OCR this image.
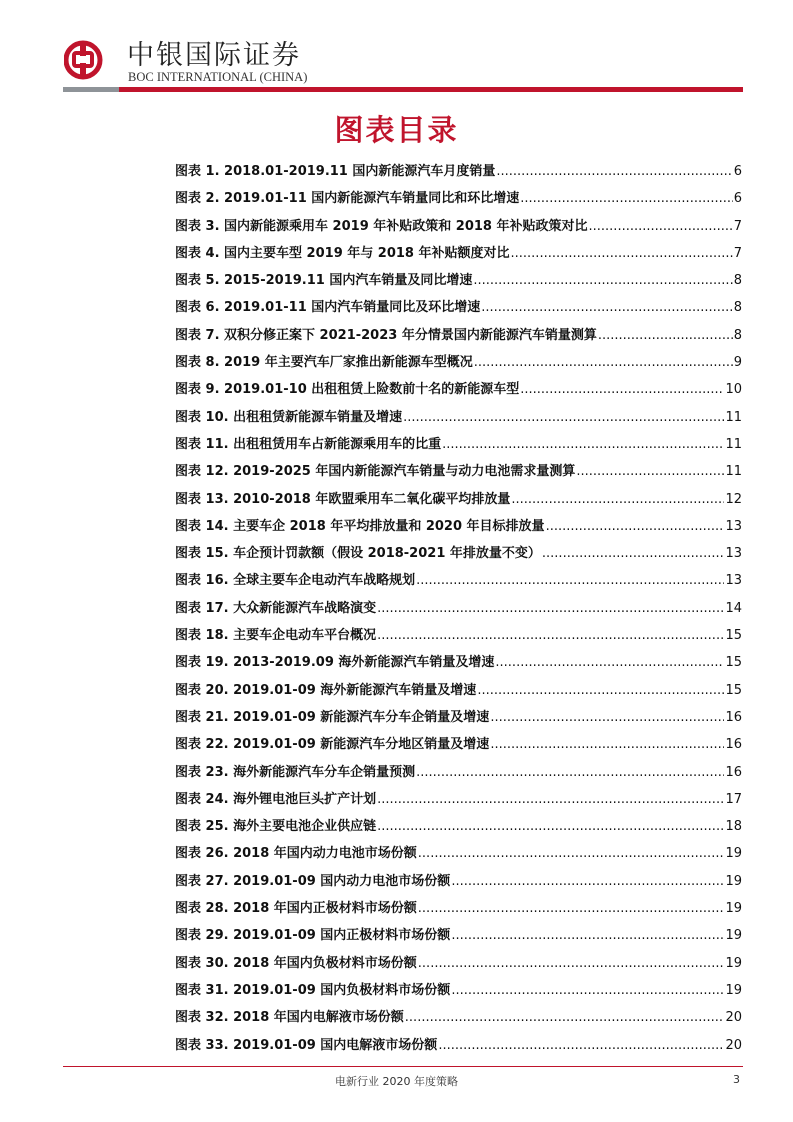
中银国际证券
BOC INTERNATIONAL (CHINA)
图表目录
图表 1. 2018.01-2019.11 国内新能源汽车月度销量 .....	6
图表 2. 2019.01-11 国内新能源汽车销量同比和环比增速 .....	6
图表 3. 国内新能源乘用车 2019 年补贴政策和 2018 年补贴政策对比 .....	7
图表 4. 国内主要车型 2019 年与 2018 年补贴额度对比 .....	7
图表 5. 2015-2019.11 国内汽车销量及同比增速 .....	8
图表 6. 2019.01-11 国内汽车销量同比及环比增速 .....	8
图表 7. 双积分修正案下 2021-2023 年分情景国内新能源汽车销量测算 .....	8
图表 8. 2019 年主要汽车厂家推出新能源车型概况 .....	9
图表 9. 2019.01-10 出租租赁上险数前十名的新能源车型 .....	10
图表 10. 出租租赁新能源车销量及增速 .....	11
图表 11. 出租租赁用车占新能源乘用车的比重 .....	11
图表 12. 2019-2025 年国内新能源汽车销量与动力电池需求量测算 .....	11
图表 13. 2010-2018 年欧盟乘用车二氧化碳平均排放量 .....	12
图表 14. 主要车企 2018 年平均排放量和 2020 年目标排放量 .....	13
图表 15. 车企预计罚款额（假设 2018-2021 年排放量不变） .....	13
图表 16. 全球主要车企电动汽车战略规划 .....	13
图表 17. 大众新能源汽车战略演变 .....	14
图表 18. 主要车企电动车平台概况 .....	15
图表 19. 2013-2019.09 海外新能源汽车销量及增速 .....	15
图表 20. 2019.01-09 海外新能源汽车销量及增速 .....	15
图表 21. 2019.01-09 新能源汽车分车企销量及增速 .....	16
图表 22. 2019.01-09 新能源汽车分地区销量及增速 .....	16
图表 23. 海外新能源汽车分车企销量预测 .....	16
图表 24. 海外锂电池巨头扩产计划 .....	17
图表 25. 海外主要电池企业供应链 .....	18
图表 26. 2018 年国内动力电池市场份额 .....	19
图表 27. 2019.01-09 国内动力电池市场份额 .....	19
图表 28. 2018 年国内正极材料市场份额 .....	19
图表 29. 2019.01-09 国内正极材料市场份额 .....	19
图表 30. 2018 年国内负极材料市场份额 .....	19
图表 31. 2019.01-09 国内负极材料市场份额 .....	19
图表 32. 2018 年国内电解液市场份额 .....	20
图表 33. 2019.01-09 国内电解液市场份额 .....	20
电新行业 2020 年度策略	3
